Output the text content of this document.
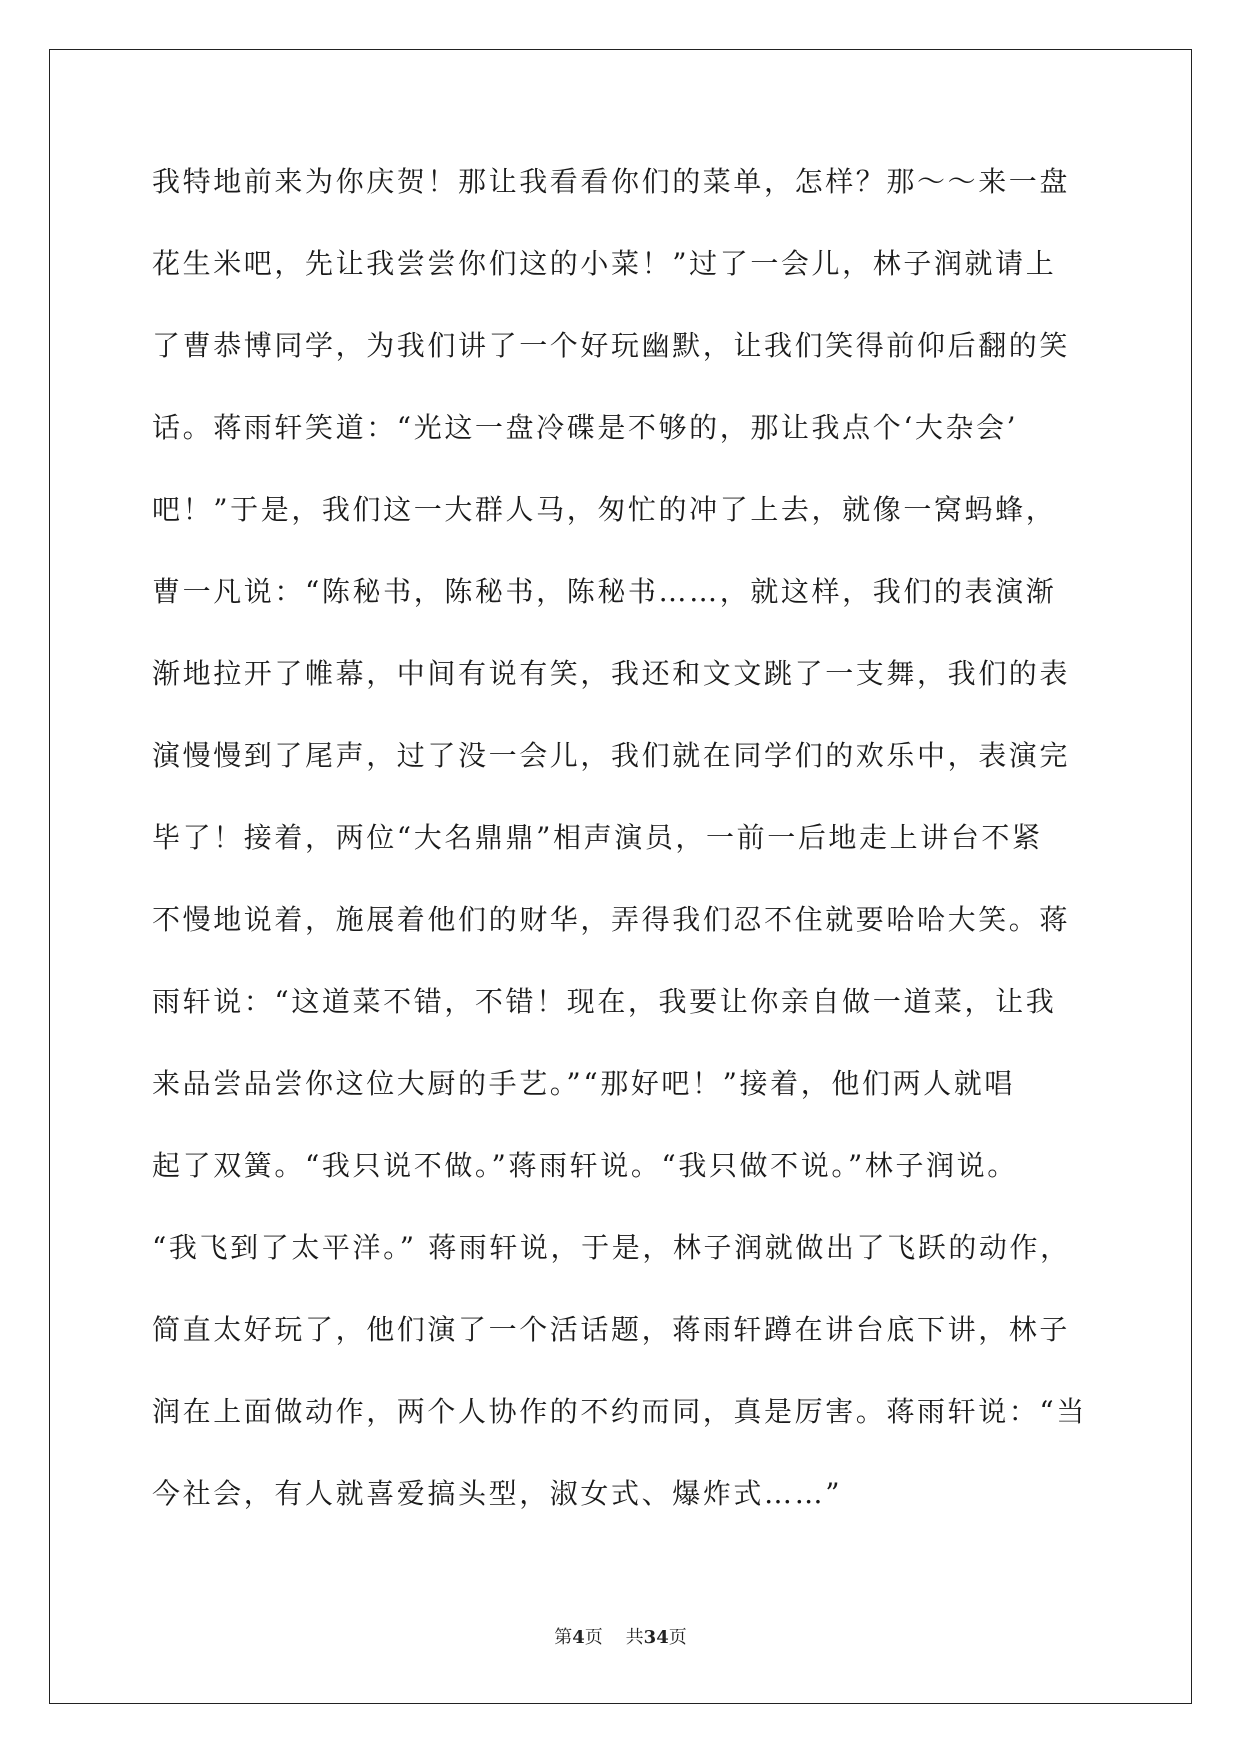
我特地前来为你庆贺！那让我看看你们的菜单，怎样？那～～来一盘
花生米吧，先让我尝尝你们这的小菜！”过了一会儿，林子润就请上
了曹恭博同学，为我们讲了一个好玩幽默，让我们笑得前仰后翻的笑
话。蒋雨轩笑道：“光这一盘冷碟是不够的，那让我点个‘大杂会’
吧！”于是，我们这一大群人马，匆忙的冲了上去，就像一窝蚂蜂，
曹一凡说：“陈秘书，陈秘书，陈秘书……，就这样，我们的表演渐
渐地拉开了帷幕，中间有说有笑，我还和文文跳了一支舞，我们的表
演慢慢到了尾声，过了没一会儿，我们就在同学们的欢乐中，表演完
毕了！接着，两位“大名鼎鼎”相声演员，一前一后地走上讲台不紧
不慢地说着，施展着他们的财华，弄得我们忍不住就要哈哈大笑。蒋
雨轩说：“这道菜不错，不错！现在，我要让你亲自做一道菜，让我
来品尝品尝你这位大厨的手艺。”“那好吧！”接着，他们两人就唱
起了双簧。“我只说不做。”蒋雨轩说。“我只做不说。”林子润说。
“我飞到了太平洋。” 蒋雨轩说，于是，林子润就做出了飞跃的动作，
简直太好玩了，他们演了一个活话题，蒋雨轩蹲在讲台底下讲，林子
润在上面做动作，两个人协作的不约而同，真是厉害。蒋雨轩说：“当
今社会，有人就喜爱搞头型，淑女式、爆炸式……”
第4页 共34页
